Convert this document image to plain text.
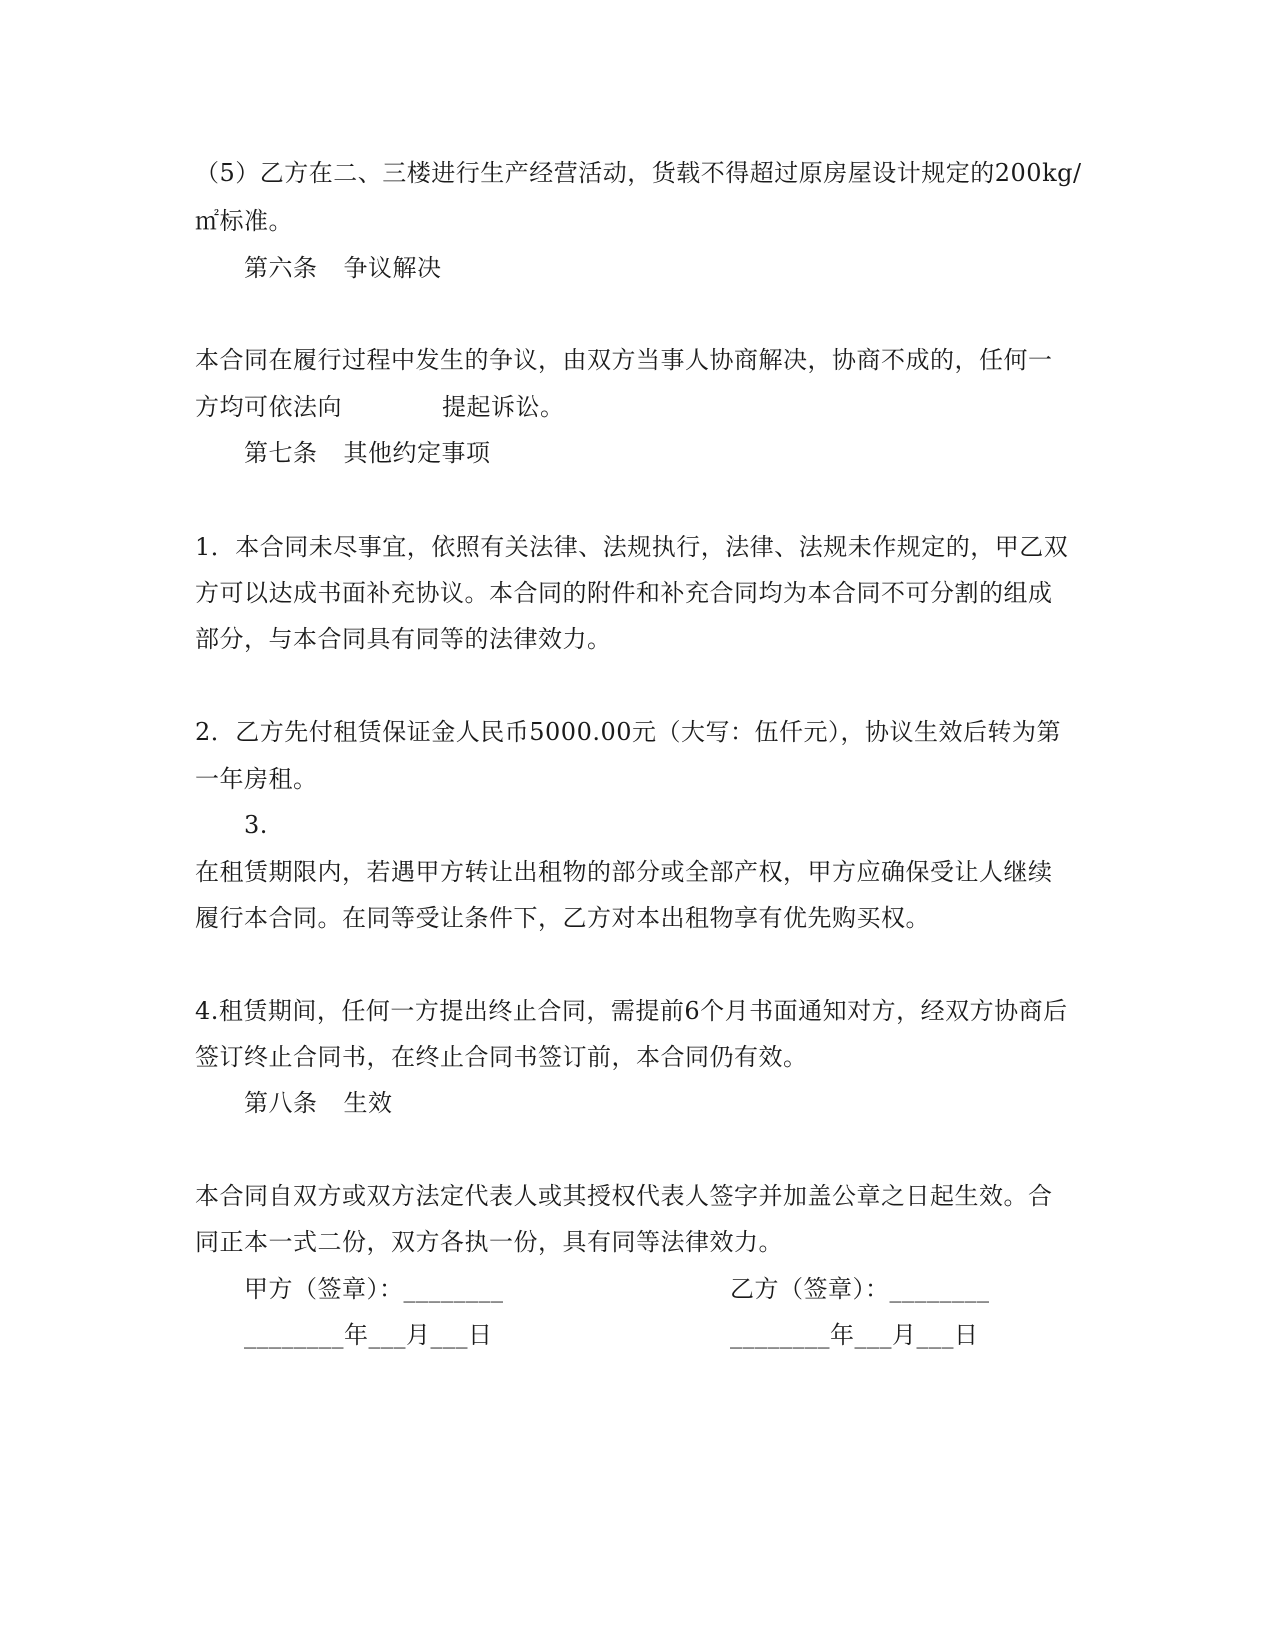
（5）乙方在二、三楼进行生产经营活动，货载不得超过原房屋设计规定的200kg/
㎡标准。
第六条 争议解决
本合同在履行过程中发生的争议，由双方当事人协商解决，协商不成的，任何一
方均可依法向	提起诉讼。
第七条 其他约定事项
1．本合同未尽事宜，依照有关法律、法规执行，法律、法规未作规定的，甲乙双
方可以达成书面补充协议。本合同的附件和补充合同均为本合同不可分割的组成
部分，与本合同具有同等的法律效力。
2．乙方先付租赁保证金人民币5000.00元（大写：伍仟元），协议生效后转为第
一年房租。
3.
在租赁期限内，若遇甲方转让出租物的部分或全部产权，甲方应确保受让人继续
履行本合同。在同等受让条件下，乙方对本出租物享有优先购买权。
4.租赁期间，任何一方提出终止合同，需提前6个月书面通知对方，经双方协商后
签订终止合同书，在终止合同书签订前，本合同仍有效。
第八条 生效
本合同自双方或双方法定代表人或其授权代表人签字并加盖公章之日起生效。合
同正本一式二份，双方各执一份，具有同等法律效力。
甲方（签章）：________	乙方（签章）：________
________年___月___日	________年___月___日
